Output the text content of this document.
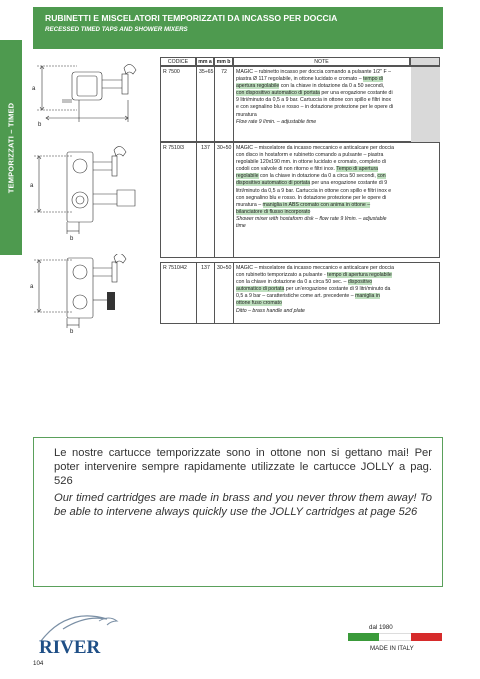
TEMPORIZZATI – TIMED
RUBINETTI E MISCELATORI TEMPORIZZATI DA INCASSO PER DOCCIA
RECESSED TIMED TAPS AND SHOWER MIXERS
CODICE	mm a mm b	NOTE
R 7500	35÷65	72	MAGIC – rubinetto incasso per doccia comando a pulsante 1/2" F – piastra Ø 117 regolabile, in ottone lucidato e cromato – tempo di apertura regolabile con la chiave in dotazione da 0 a 50 secondi, con dispositivo automatico di portata per una erogazione costante di 9 litri/minuto da 0,5 a 9 bar. Cartuccia in ottone con spillo e filtri inox e con segnalino blu e rosso – in dotazione protezione per le opere di muratura

Flow rate 9 l/min. – adjustable time
R 7510/3	137	30÷50 MAGIC – miscelatore da incasso meccanico e anticalcare per doccia con disco in hostaform e rubinetto comando a pulsante – piastra regolabile 120x190 mm. in ottone lucidato e cromato, completo di codoli con valvole di non ritorno e filtri inox. Tempo di apertura regolabile con la chiave in dotazione da 0 a circa 50 secondi, con dispositivo automatico di portata per una erogazione costante di 9 litri/minuto da 0,5 a 9 bar. Cartuccia in ottone con spillo e filtri inox e con segnalino blu e rosso. In dotazione protezione per le opere di muratura – maniglia in ABS cromato con anima in ottone – bilanciatore di flusso incorporato

Shower mixer with hostaform disk – flow rate 9 l/min. – adjustable time
R 7510/42	137	30÷50 MAGIC – miscelatore da incasso meccanico e anticalcare per doccia con rubinetto temporizzato a pulsante - tempo di apertura regolabile con la chiave in dotazione da 0 a circa 50 sec. – dispositivo automatico di portata per un'erogazione costante di 9 litri/minuto da 0,5 a 9 bar – caratteristiche come art. precedente – maniglia in ottone fuso cromato

Ditto – brass handle and plate
a
b
a
b
a
b
Le nostre cartucce temporizzate sono in ottone non si gettano mai! Per poter intervenire sempre rapidamente utilizzate le cartucce JOLLY a pag. 526
Our timed cartridges are made in brass and you never throw them away! To be able to intervene always quickly use the JOLLY cartridges at page 526
RIVER
dal 1980
MADE IN ITALY
104
